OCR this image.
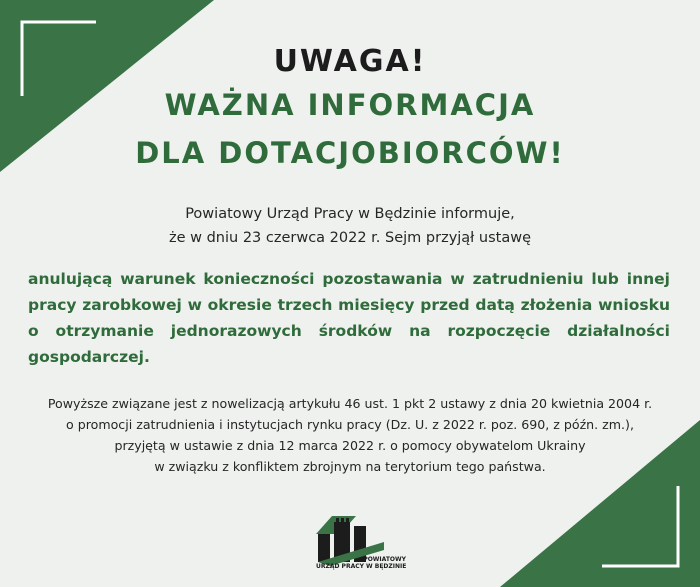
UWAGA!
WAŻNA INFORMACJA
DLA DOTACJOBIORCÓW!

Powiatowy Urząd Pracy w Będzinie informuje,

że w dniu 23 czerwca 2022 r. Sejm przyjął ustawę

anulującą warunek konieczności pozostawania w zatrudnieniu lub innej pracy zarobkowej w okresie trzech miesięcy przed datą złożenia wniosku o otrzymanie jednorazowych środków na rozpoczęcie działalności gospodarczej.

Powyższe związane jest z nowelizacją artykułu 46 ust. 1 pkt 2 ustawy z dnia 20 kwietnia 2004 r.

o promocji zatrudnienia i instytucjach rynku pracy (Dz. U. z 2022 r. poz. 690, z późn. zm.),

przyjętą w ustawie z dnia 12 marca 2022 r. o pomocy obywatelom Ukrainy

w związku z konfliktem zbrojnym na terytorium tego państwa.

POWIATOWY
URZĄD PRACY W BĘDZINIE
